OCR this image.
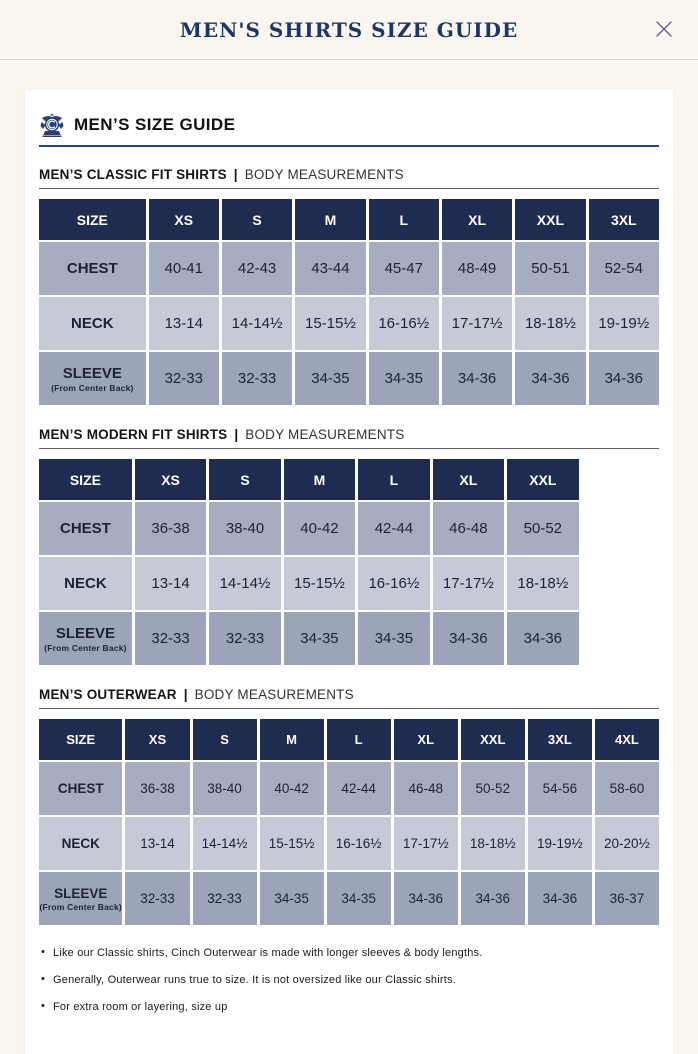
MEN'S SHIRTS SIZE GUIDE
MEN’S SIZE GUIDE
MEN’S CLASSIC FIT SHIRTS | BODY MEASUREMENTS
SIZE	XS	S	M	L	XL	XXL	3XL
CHEST	40-41	42-43	43-44	45-47	48-49	50-51	52-54
NECK	13-14	14-14½	15-15½	16-16½	17-17½	18-18½	19-19½
SLEEVE
(From Center Back)	32-33	32-33	34-35	34-35	34-36	34-36	34-36
MEN’S MODERN FIT SHIRTS | BODY MEASUREMENTS
SIZE	XS	S	M	L	XL	XXL
CHEST	36-38	38-40	40-42	42-44	46-48	50-52
NECK	13-14	14-14½	15-15½	16-16½	17-17½	18-18½
SLEEVE
(From Center Back)	32-33	32-33	34-35	34-35	34-36	34-36
MEN’S OUTERWEAR | BODY MEASUREMENTS
SIZE	XS	S	M	L	XL	XXL	3XL	4XL
CHEST	36-38	38-40	40-42	42-44	46-48	50-52	54-56	58-60
NECK	13-14	14-14½	15-15½	16-16½	17-17½	18-18½	19-19½	20-20½
SLEEVE
(From Center Back)	32-33	32-33	34-35	34-35	34-36	34-36	34-36	36-37
• Like our Classic shirts, Cinch Outerwear is made with longer sleeves & body lengths.
• Generally, Outerwear runs true to size. It is not oversized like our Classic shirts.
• For extra room or layering, size up
